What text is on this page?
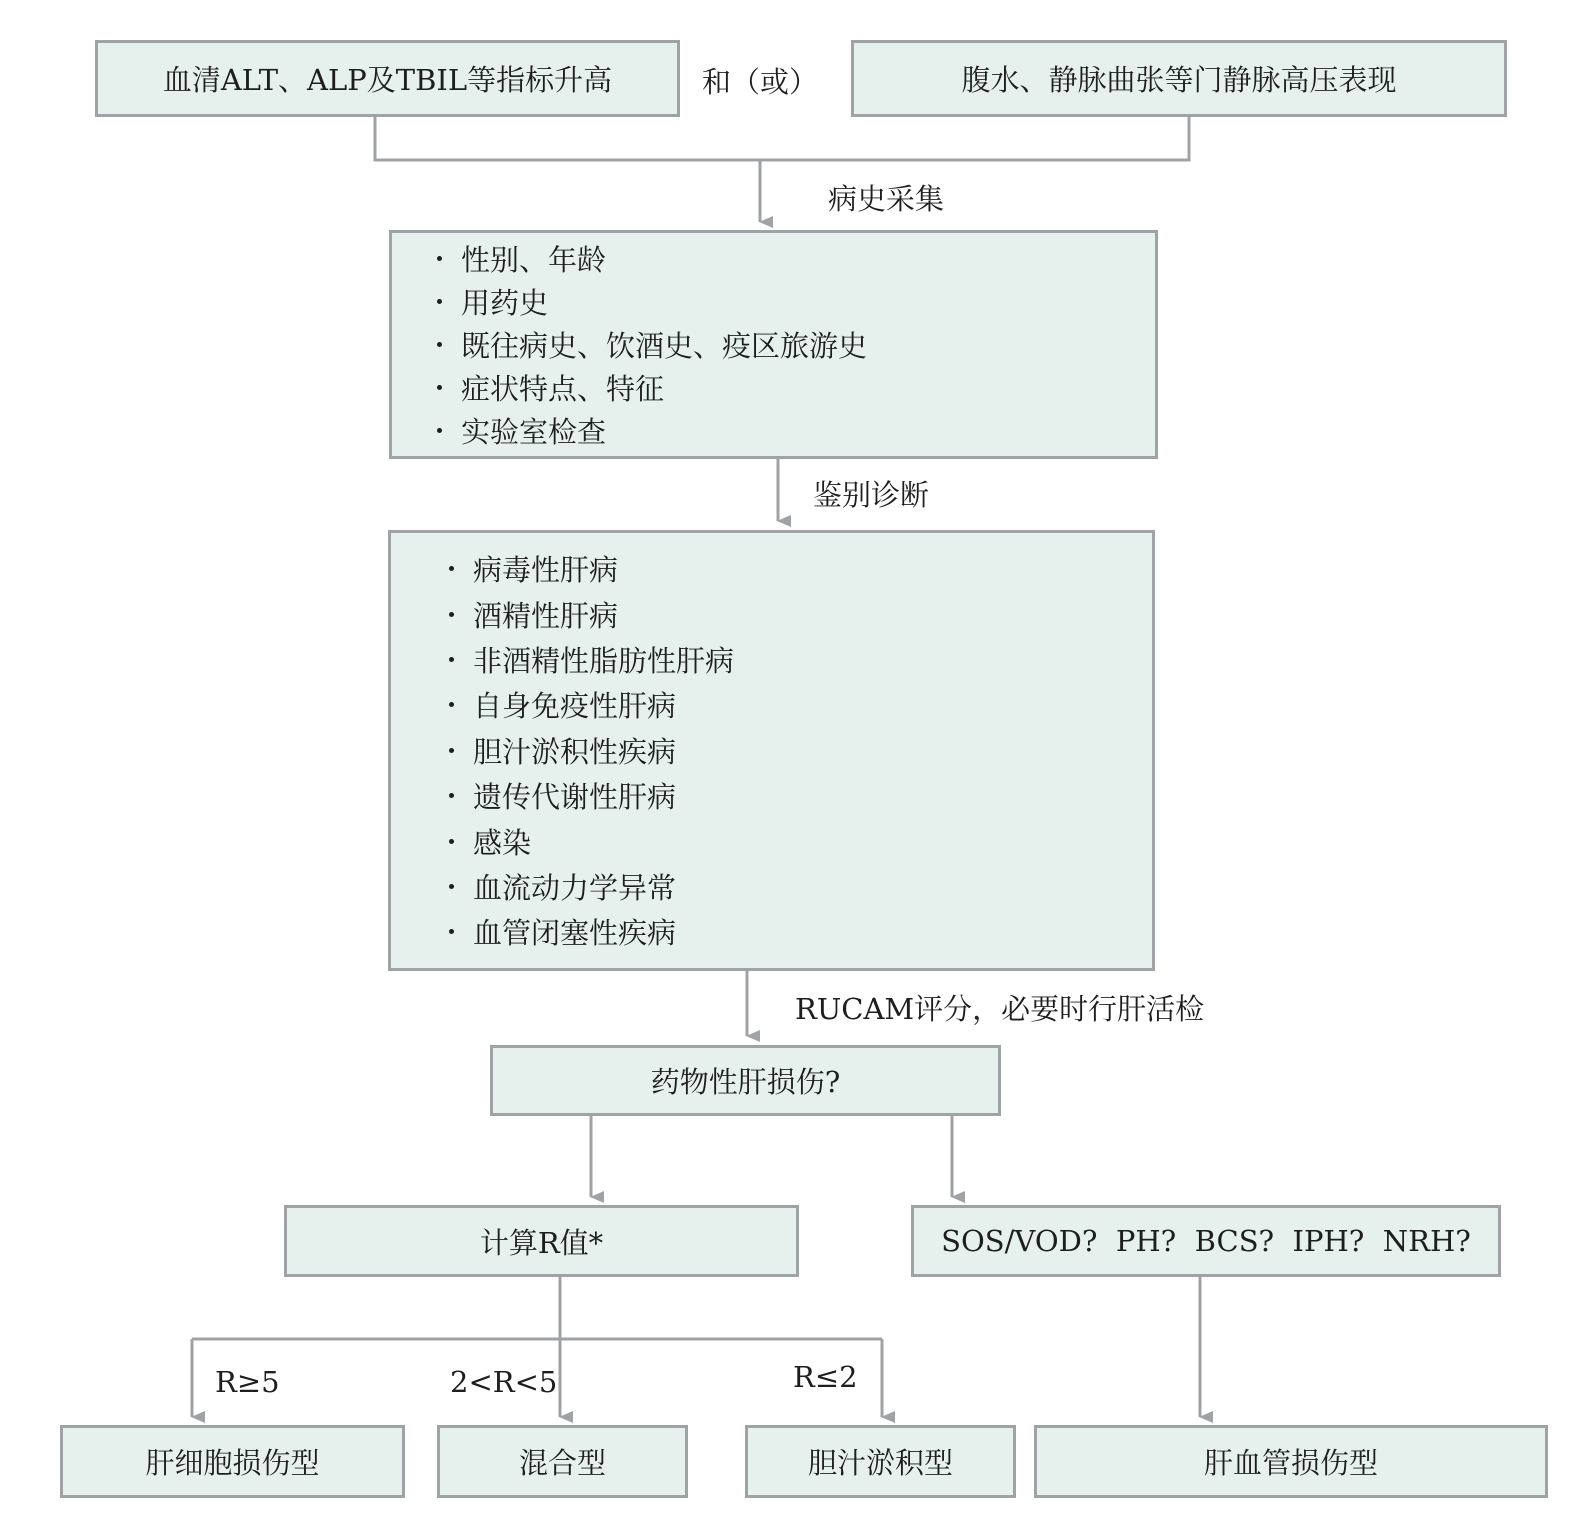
血清ALT、ALP及TBIL等指标升高	和（或）	腹水、静脉曲张等门静脉高压表现
病史采集
性别、年龄
用药史
既往病史、饮酒史、疫区旅游史
症状特点、特征
实验室检查
鉴别诊断
病毒性肝病
酒精性肝病
非酒精性脂肪性肝病
自身免疫性肝病
胆汁淤积性疾病
遗传代谢性肝病
感染
血流动力学异常
血管闭塞性疾病
RUCAM评分，必要时行肝活检
药物性肝损伤?
计算R值*	SOS/VOD?  PH?  BCS?  IPH?  NRH?
R≥5	2<R<5	R≤2
肝细胞损伤型	混合型	胆汁淤积型	肝血管损伤型
